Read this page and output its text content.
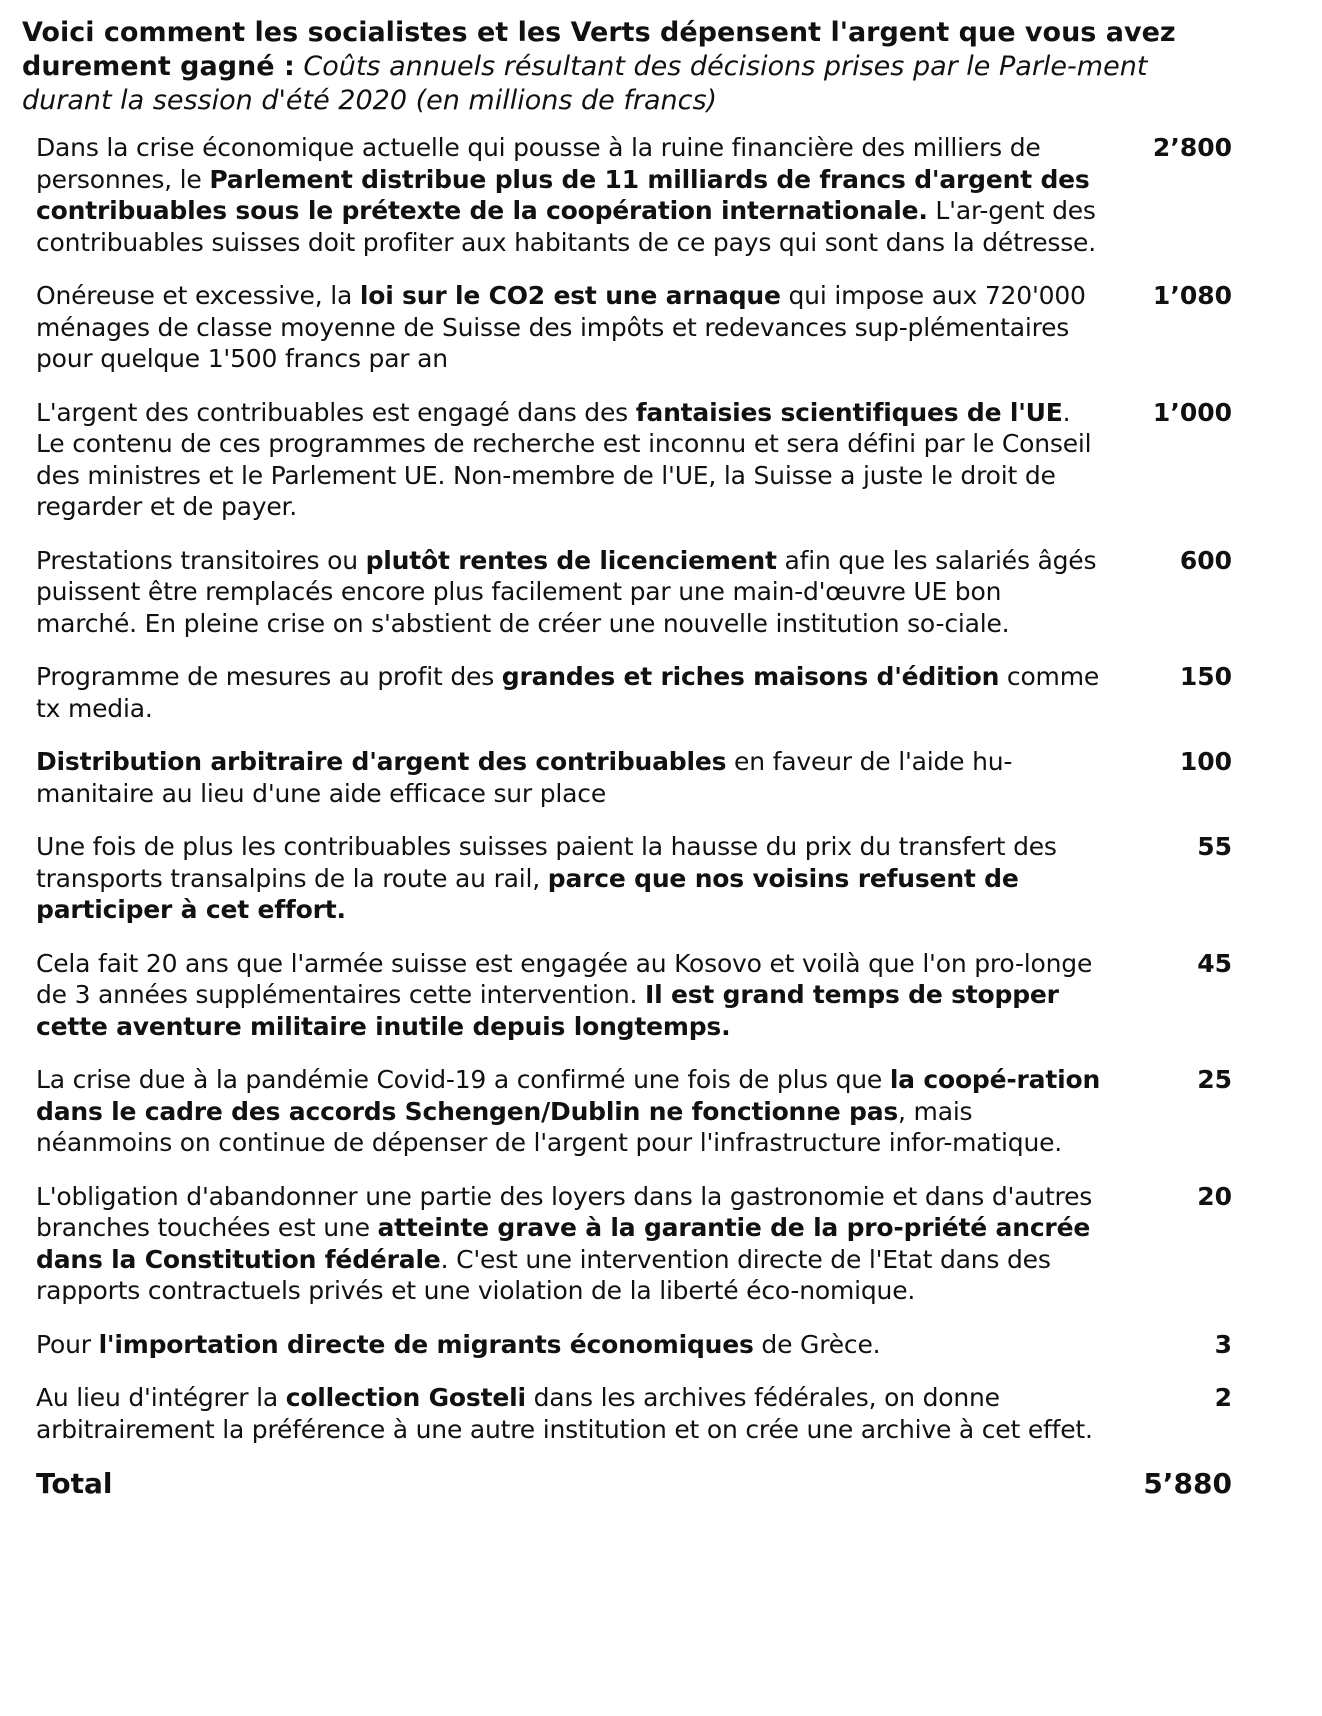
Voici comment les socialistes et les Verts dépensent l'argent que vous avez durement gagné : Coûts annuels résultant des décisions prises par le Parle-ment durant la session d'été 2020 (en millions de francs)
Dans la crise économique actuelle qui pousse à la ruine financière des milliers de personnes, le Parlement distribue plus de 11 milliards de francs d'argent des contribuables sous le prétexte de la coopération internationale. L'ar-gent des contribuables suisses doit profiter aux habitants de ce pays qui sont dans la détresse.
2’800
Onéreuse et excessive, la loi sur le CO2 est une arnaque qui impose aux 720'000 ménages de classe moyenne de Suisse des impôts et redevances sup-plémentaires pour quelque 1'500 francs par an
1’080
L'argent des contribuables est engagé dans des fantaisies scientifiques de l'UE. Le contenu de ces programmes de recherche est inconnu et sera défini par le Conseil des ministres et le Parlement UE. Non-membre de l'UE, la Suisse a juste le droit de regarder et de payer.
1’000
Prestations transitoires ou plutôt rentes de licenciement afin que les salariés âgés puissent être remplacés encore plus facilement par une main-d'œuvre UE bon marché. En pleine crise on s'abstient de créer une nouvelle institution so-ciale.
600
Programme de mesures au profit des grandes et riches maisons d'édition comme tx media.
150
Distribution arbitraire d'argent des contribuables en faveur de l'aide hu-manitaire au lieu d'une aide efficace sur place
100
Une fois de plus les contribuables suisses paient la hausse du prix du transfert des transports transalpins de la route au rail, parce que nos voisins refusent de participer à cet effort.
55
Cela fait 20 ans que l'armée suisse est engagée au Kosovo et voilà que l'on pro-longe de 3 années supplémentaires cette intervention. Il est grand temps de stopper cette aventure militaire inutile depuis longtemps.
45
La crise due à la pandémie Covid-19 a confirmé une fois de plus que la coopé-ration dans le cadre des accords Schengen/Dublin ne fonctionne pas, mais néanmoins on continue de dépenser de l'argent pour l'infrastructure infor-matique.
25
L'obligation d'abandonner une partie des loyers dans la gastronomie et dans d'autres branches touchées est une atteinte grave à la garantie de la pro-priété ancrée dans la Constitution fédérale. C'est une intervention directe de l'Etat dans des rapports contractuels privés et une violation de la liberté éco-nomique.
20
Pour l'importation directe de migrants économiques de Grèce.	3
Au lieu d'intégrer la collection Gosteli dans les archives fédérales, on donne arbitrairement la préférence à une autre institution et on crée une archive à cet effet.
2
Total	5’880
